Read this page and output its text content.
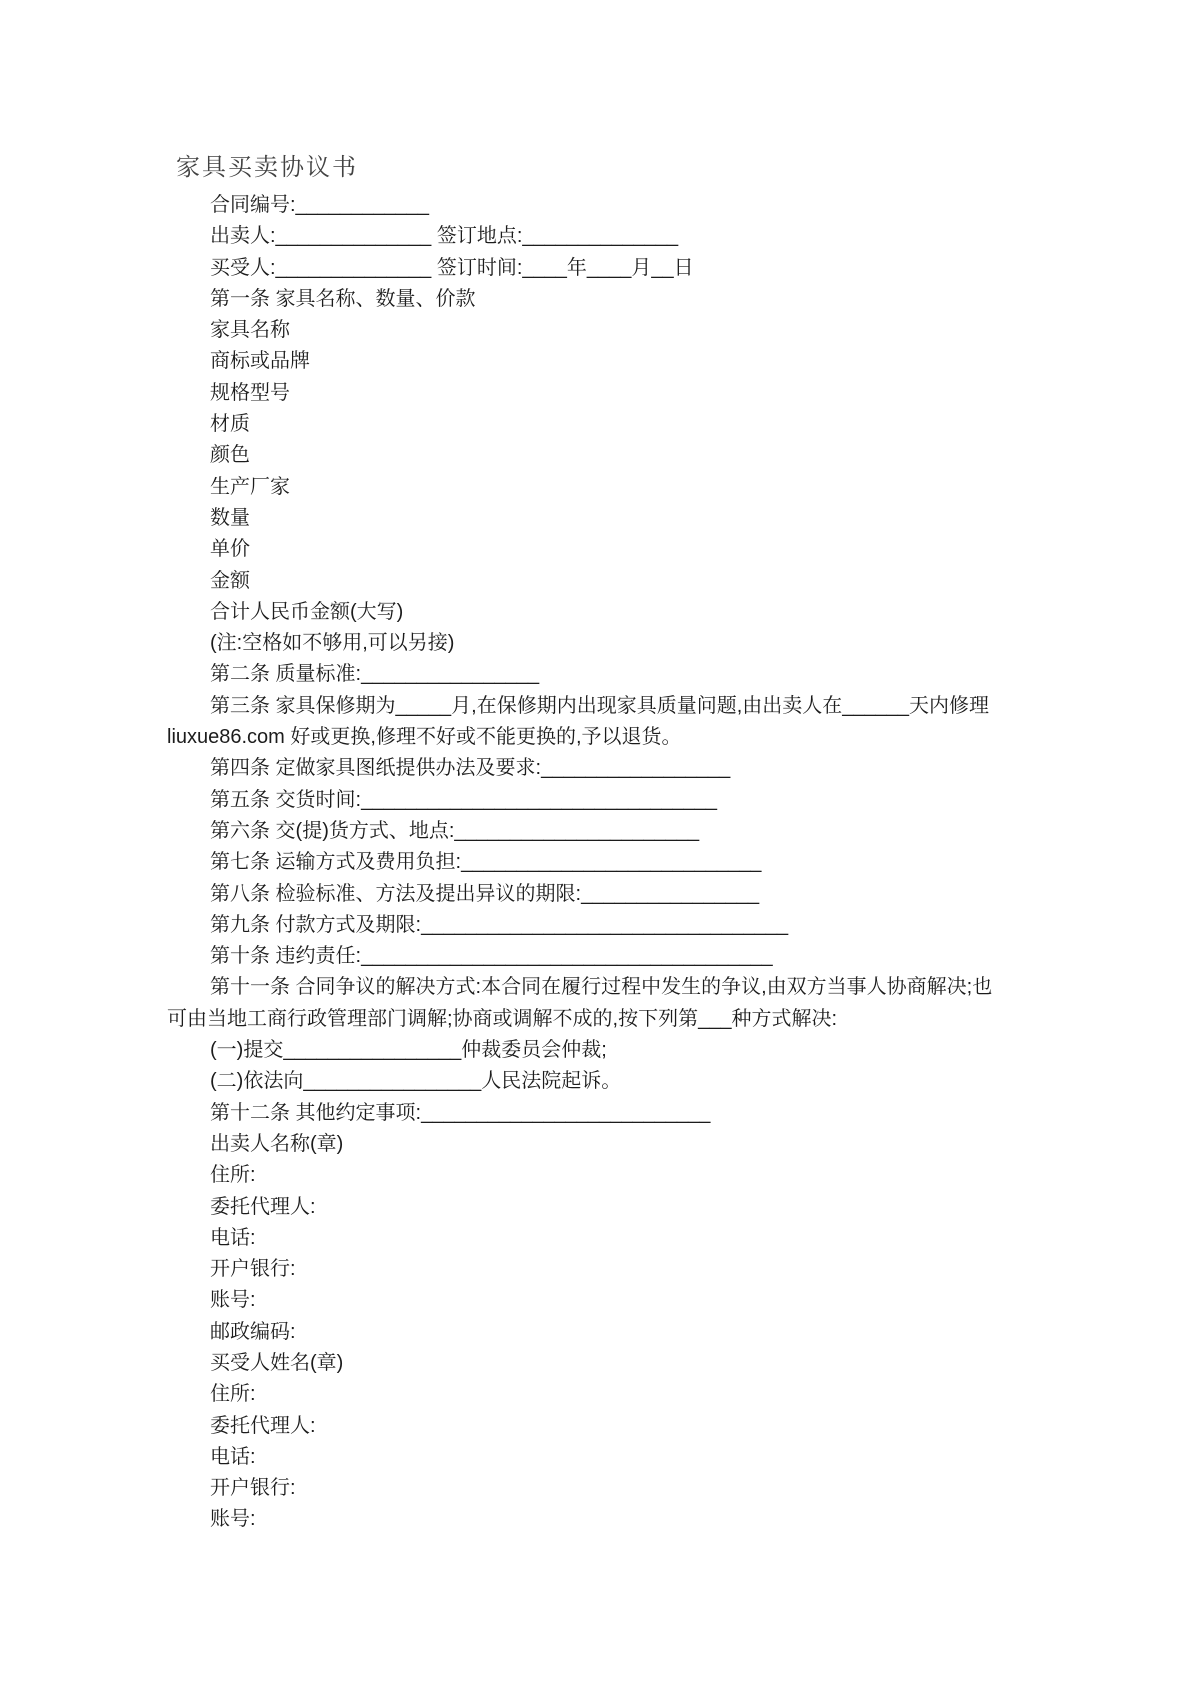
家具买卖协议书
合同编号:____________
出卖人:______________ 签订地点:______________
买受人:______________ 签订时间:____年____月__日
第一条 家具名称、数量、价款
家具名称
商标或品牌
规格型号
材质
颜色
生产厂家
数量
单价
金额
合计人民币金额(大写)
(注:空格如不够用,可以另接)
第二条 质量标准:________________
第三条 家具保修期为_____月,在保修期内出现家具质量问题,由出卖人在______天内修理
liuxue86.com 好或更换,修理不好或不能更换的,予以退货。
第四条 定做家具图纸提供办法及要求:_________________
第五条 交货时间:________________________________
第六条 交(提)货方式、地点:______________________
第七条 运输方式及费用负担:___________________________
第八条 检验标准、方法及提出异议的期限:________________
第九条 付款方式及期限:_________________________________
第十条 违约责任:_____________________________________
第十一条 合同争议的解决方式:本合同在履行过程中发生的争议,由双方当事人协商解决;也
可由当地工商行政管理部门调解;协商或调解不成的,按下列第___种方式解决:
(一)提交________________仲裁委员会仲裁;
(二)依法向________________人民法院起诉。
第十二条 其他约定事项:__________________________
出卖人名称(章)
住所:
委托代理人:
电话:
开户银行:
账号:
邮政编码:
买受人姓名(章)
住所:
委托代理人:
电话:
开户银行:
账号:
